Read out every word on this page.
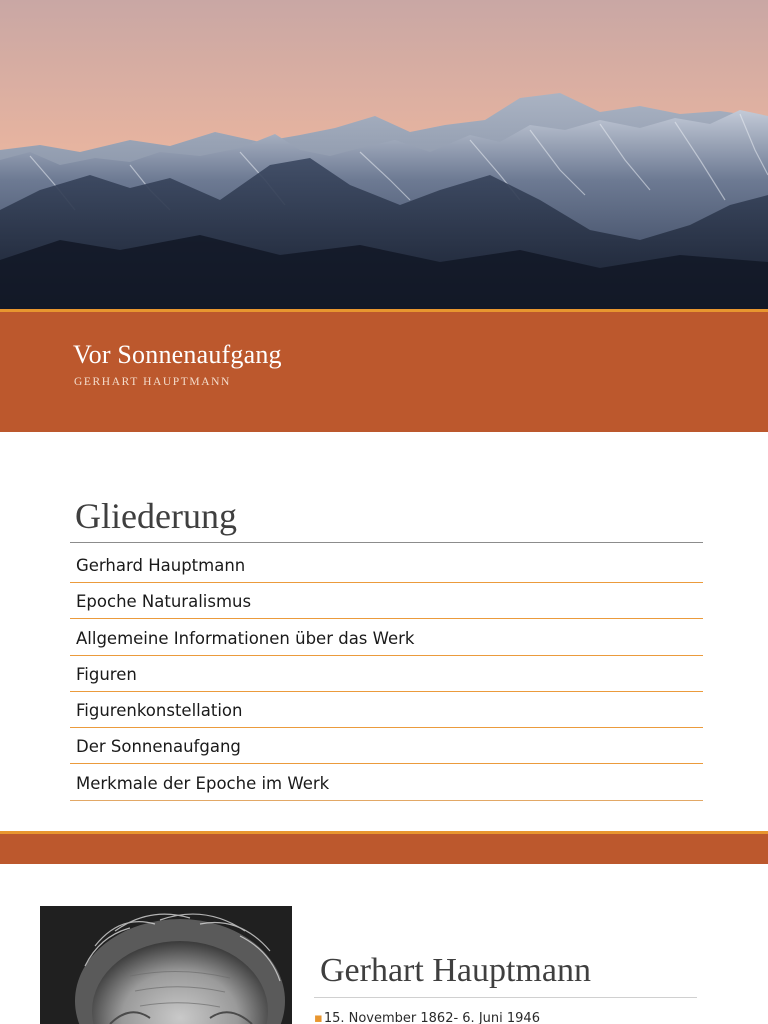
Vor Sonnenaufgang
GERHART HAUPTMANN
Gliederung
Gerhard Hauptmann
Epoche Naturalismus
Allgemeine Informationen über das Werk
Figuren
Figurenkonstellation
Der Sonnenaufgang
Merkmale der Epoche im Werk
Gerhart Hauptmann
▪15. November 1862- 6. Juni 1946
